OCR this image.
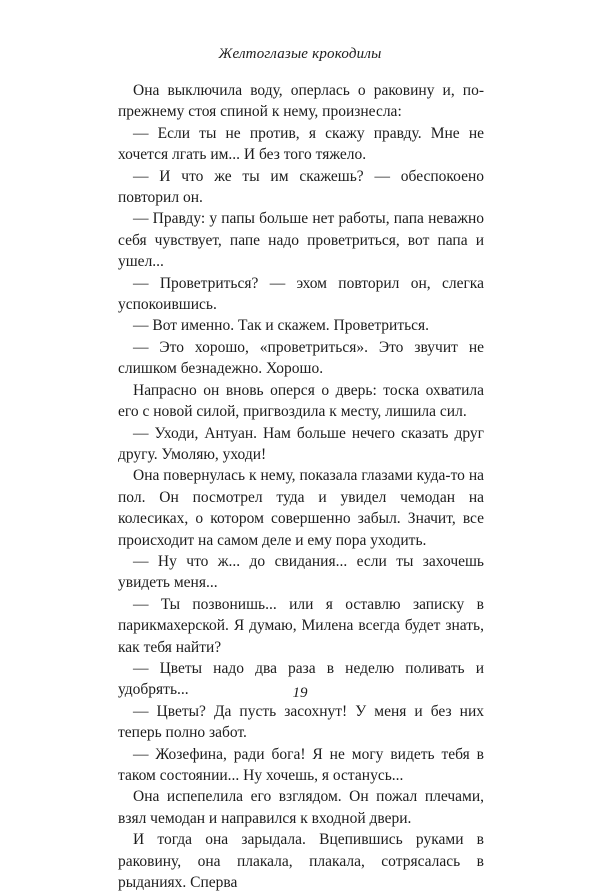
Желтоглазые крокодилы

Она выключила воду, оперлась о раковину и, по-прежнему стоя спиной к нему, произнесла:

— Если ты не против, я скажу правду. Мне не хочется лгать им... И без того тяжело.

— И что же ты им скажешь? — обеспокоено повторил он.

— Правду: у папы больше нет работы, папа неважно себя чувствует, папе надо проветриться, вот папа и ушел...

— Проветриться? — эхом повторил он, слегка успокоившись.

— Вот именно. Так и скажем. Проветриться.

— Это хорошо, «проветриться». Это звучит не слишком безнадежно. Хорошо.

Напрасно он вновь оперся о дверь: тоска охватила его с новой силой, пригвоздила к месту, лишила сил.

— Уходи, Антуан. Нам больше нечего сказать друг другу. Умоляю, уходи!

Она повернулась к нему, показала глазами куда-то на пол. Он посмотрел туда и увидел чемодан на колесиках, о котором совершенно забыл. Значит, все происходит на самом деле и ему пора уходить.

— Ну что ж... до свидания... если ты захочешь увидеть меня...

— Ты позвонишь... или я оставлю записку в парикмахерской. Я думаю, Милена всегда будет знать, как тебя найти?

— Цветы надо два раза в неделю поливать и удобрять...

— Цветы? Да пусть засохнут! У меня и без них теперь полно забот.

— Жозефина, ради бога! Я не могу видеть тебя в таком состоянии... Ну хочешь, я останусь...

Она испепелила его взглядом. Он пожал плечами, взял чемодан и направился к входной двери.

И тогда она зарыдала. Вцепившись руками в раковину, она плакала, плакала, сотрясалась в рыданиях. Сперва

19
